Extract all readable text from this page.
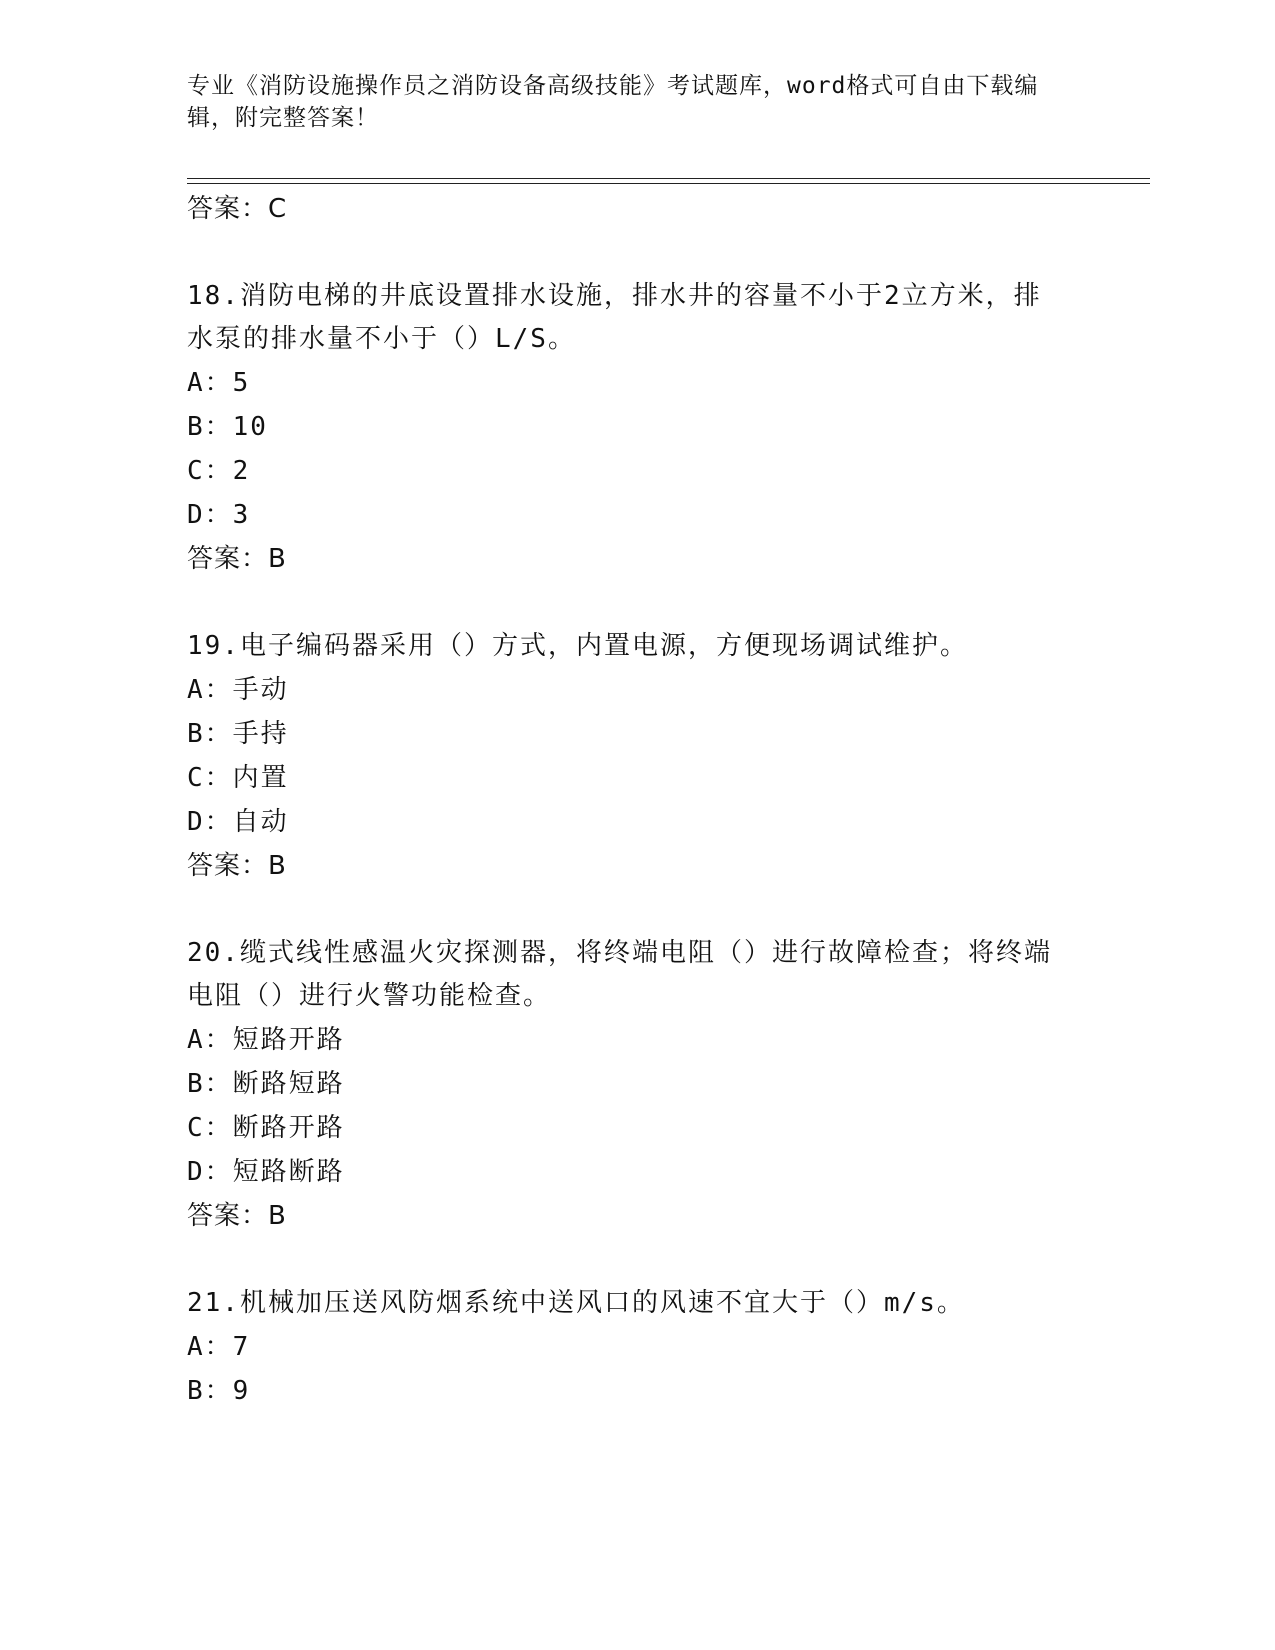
专业《消防设施操作员之消防设备高级技能》考试题库，word格式可自由下载编
辑，附完整答案！
答案：C
18.消防电梯的井底设置排水设施，排水井的容量不小于2立方米，排
水泵的排水量不小于（）L/S。
A：5
B：10
C：2
D：3
答案：B
19.电子编码器采用（）方式，内置电源，方便现场调试维护。
A：手动
B：手持
C：内置
D：自动
答案：B
20.缆式线性感温火灾探测器，将终端电阻（）进行故障检查；将终端
电阻（）进行火警功能检查。
A：短路开路
B：断路短路
C：断路开路
D：短路断路
答案：B
21.机械加压送风防烟系统中送风口的风速不宜大于（）m/s。
A：7
B：9
